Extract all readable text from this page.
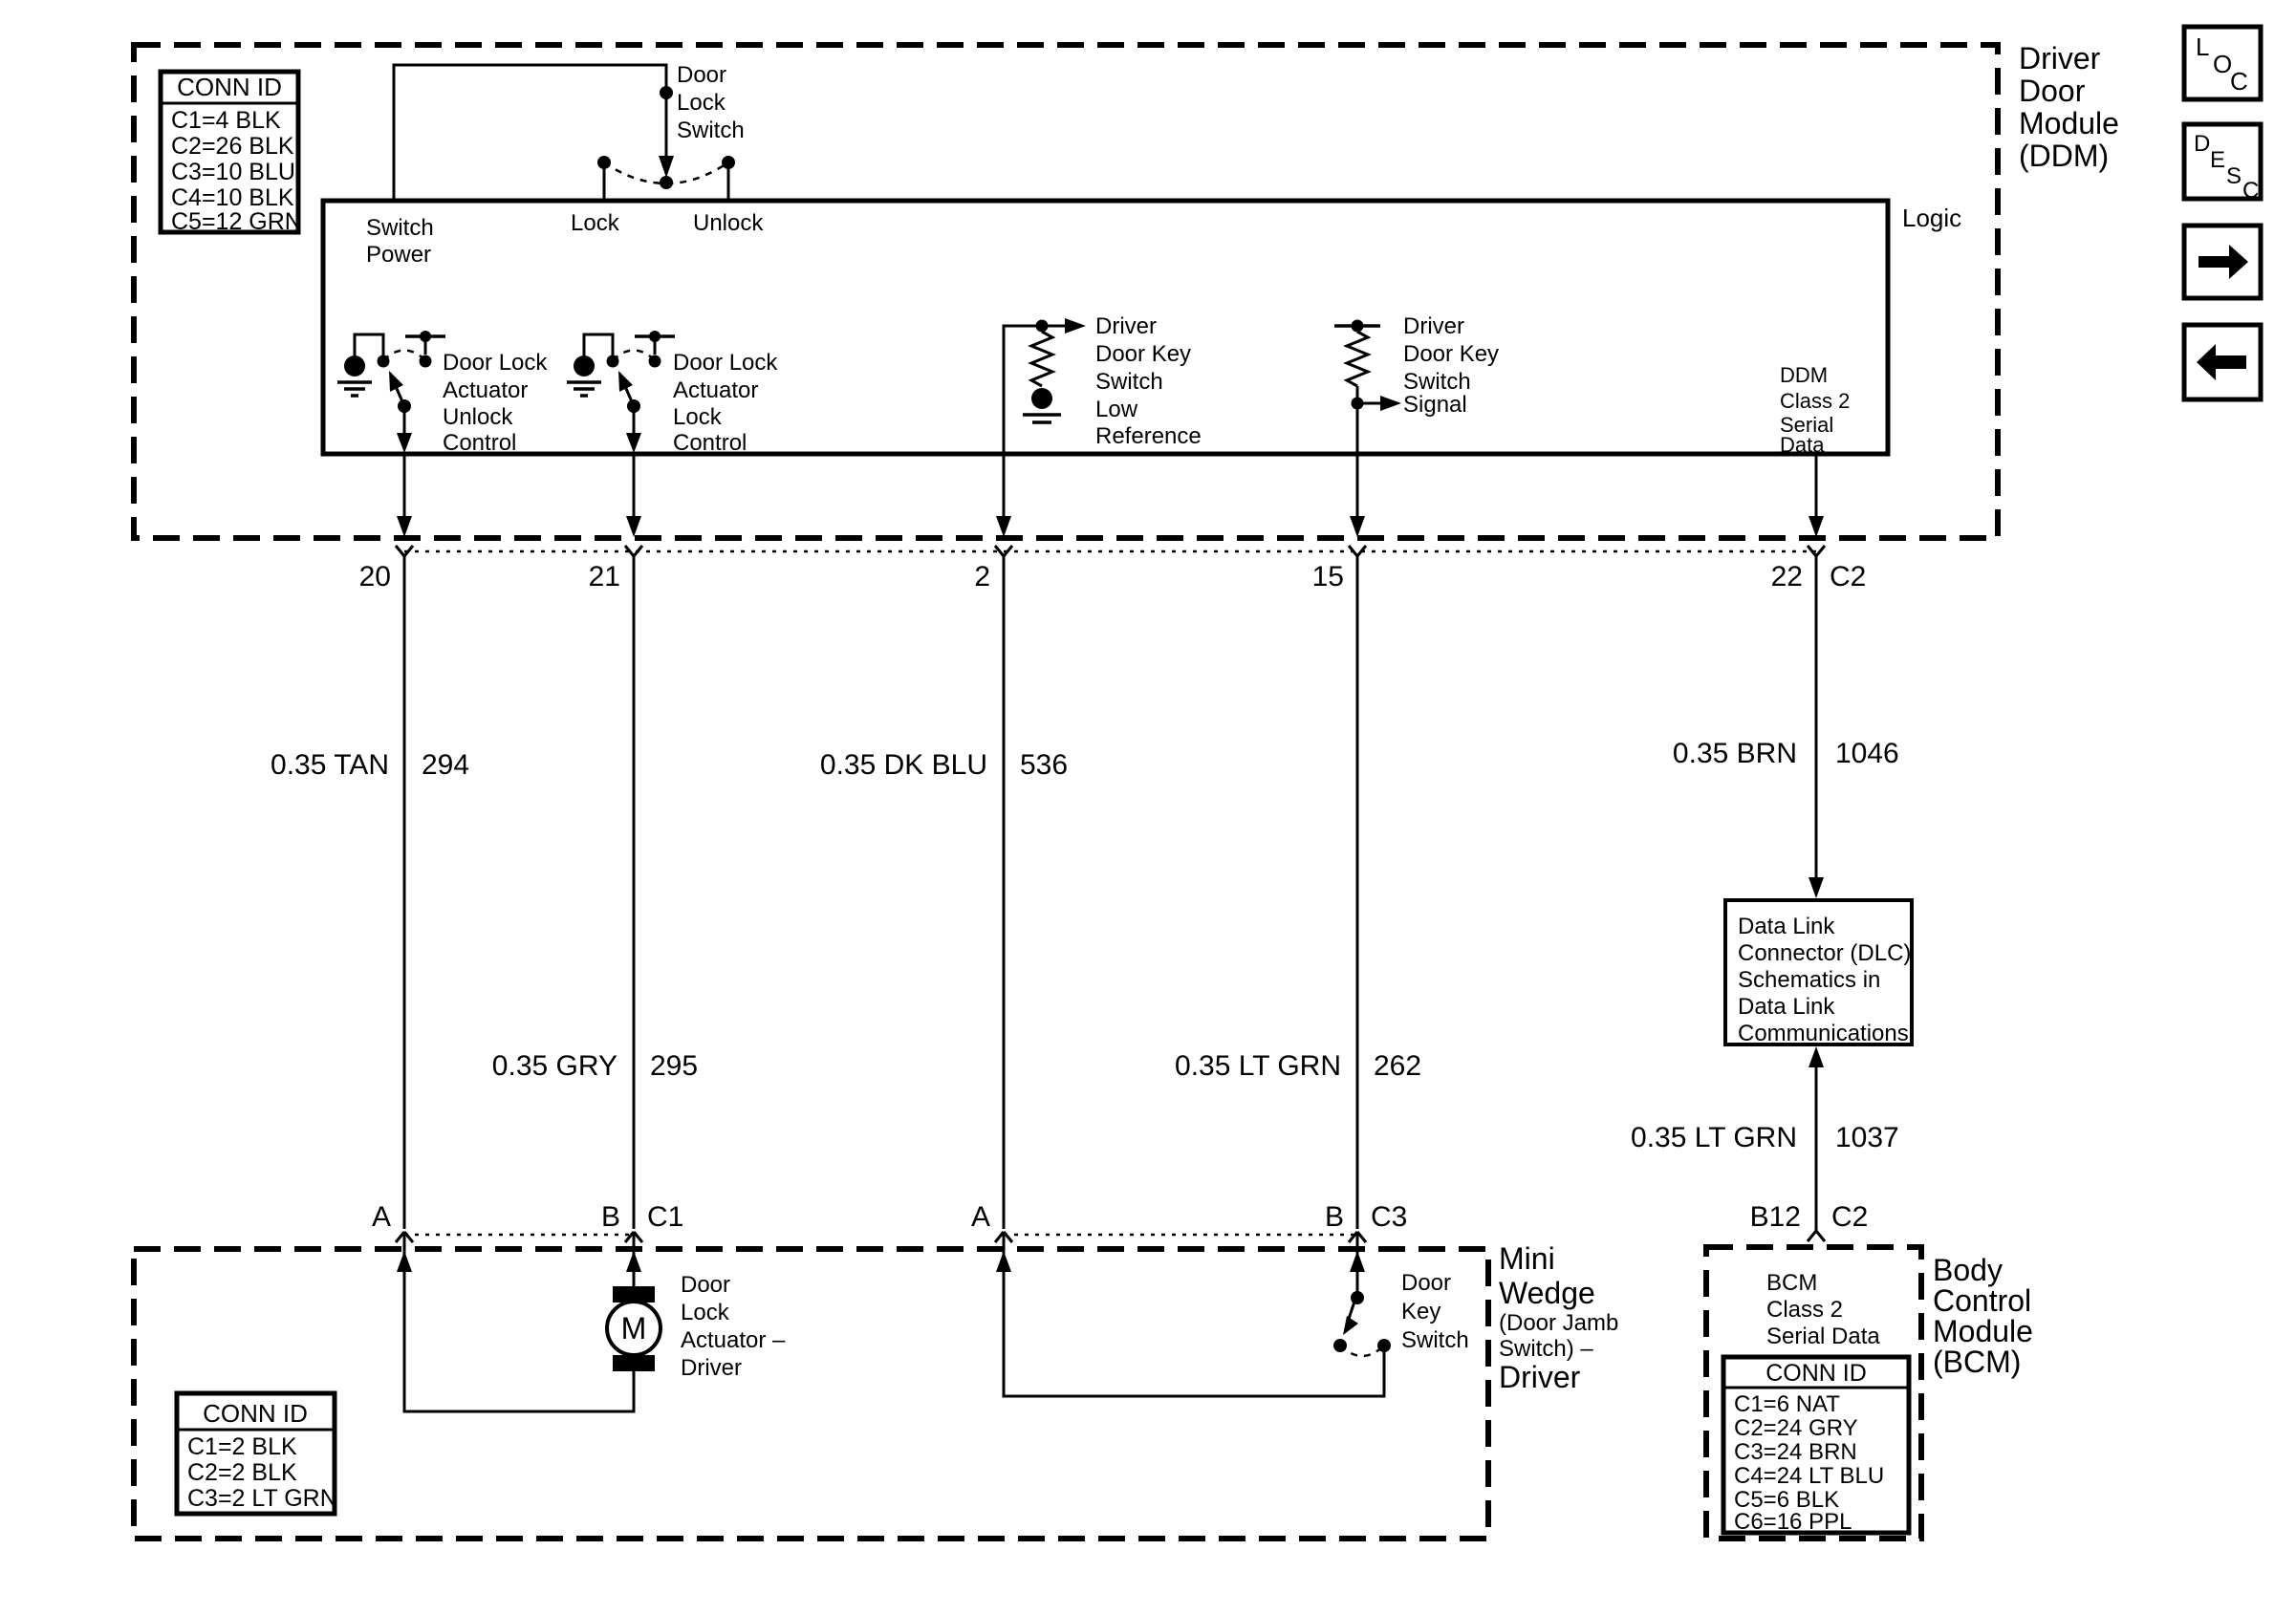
Driver
Door
Module
(DDM)
CONN ID
C1=4 BLK
C2=26 BLK
C3=10 BLU
C4=10 BLK
C5=12 GRN	Logic
Door
Lock
Switch
Switch
Power
Lock	Unlock
Door Lock
Actuator
Unlock
Control
Door Lock
Actuator
Lock
Control
Driver
Door Key
Switch
Low
Reference
Driver
Door Key
Switch
Signal
DDM
Class 2
Serial
Data
20	21	2	15	22 C2
0.35 TAN 294	0.35 DK BLU 536
0.35 GRY 295	0.35 LT GRN 262
0.35 BRN 1046
0.35 LT GRN 1037
Data Link
Connector (DLC)
Schematics in
Data Link
Communications
B12 C2
A	B C1	A	B C3
Mini
Wedge
(Door Jamb
Switch) –
Driver
M
Door
Lock
Actuator –
Driver
Door
Key
Switch
CONN ID
C1=2 BLK
C2=2 BLK
C3=2 LT GRN
BCM
Class 2
Serial Data
Body
Control
Module
(BCM)
CONN ID
C1=6 NAT
C2=24 GRY
C3=24 BRN
C4=24 LT BLU
C5=6 BLK
C6=16 PPL
L
O
C
D
E
S
C
